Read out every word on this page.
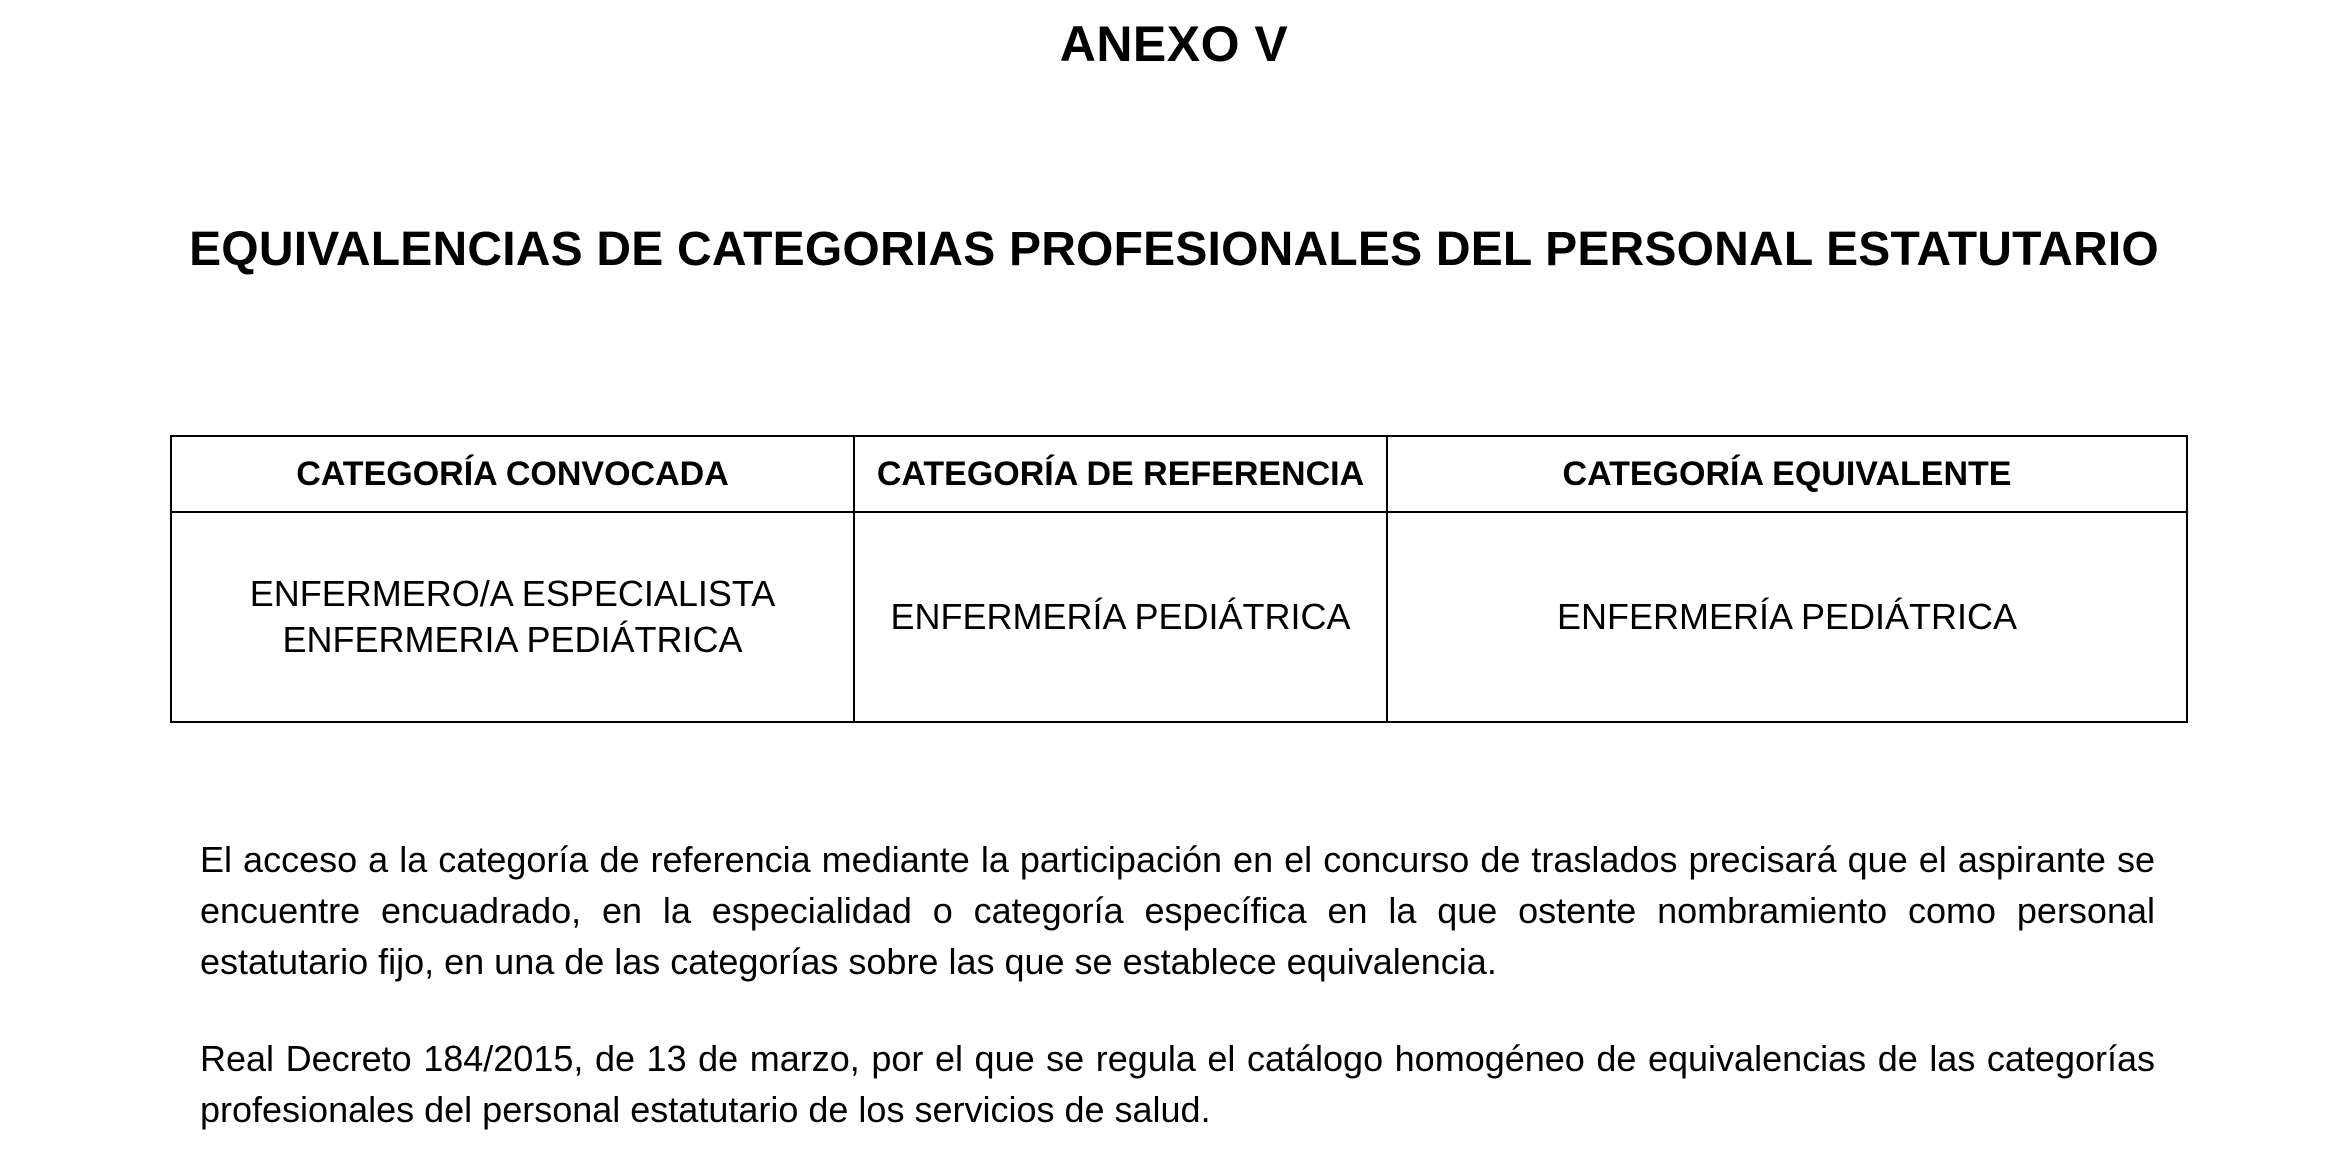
ANEXO V
EQUIVALENCIAS DE CATEGORIAS PROFESIONALES DEL PERSONAL ESTATUTARIO
CATEGORÍA CONVOCADA	CATEGORÍA DE REFERENCIA	CATEGORÍA EQUIVALENTE

ENFERMERO/A ESPECIALISTA
ENFERMERIA PEDIÁTRICA	ENFERMERÍA PEDIÁTRICA	ENFERMERÍA PEDIÁTRICA

El acceso a la categoría de referencia mediante la participación en el concurso de traslados precisará que el aspirante se encuentre encuadrado, en la especialidad o categoría específica en la que ostente nombramiento como personal estatutario fijo, en una de las categorías sobre las que se establece equivalencia.

Real Decreto 184/2015, de 13 de marzo, por el que se regula el catálogo homogéneo de equivalencias de las categorías profesionales del personal estatutario de los servicios de salud.
